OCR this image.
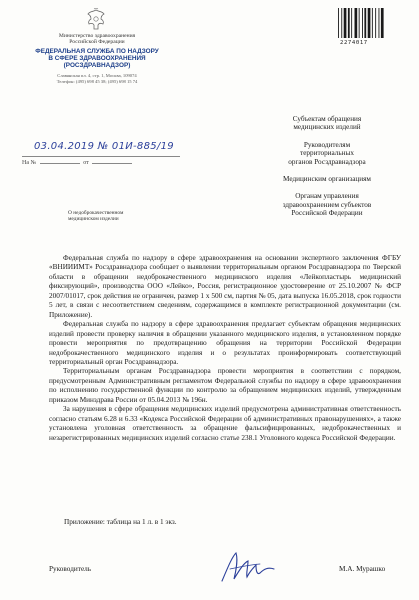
Министерство здравоохранения
Российской Федерации
ФЕДЕРАЛЬНАЯ СЛУЖБА ПО НАДЗОРУ
В СФЕРЕ ЗДРАВООХРАНЕНИЯ
(РОСЗДРАВНАДЗОР)
Славянская пл. 4, стр. 1, Москва, 109074
Телефон: (495) 698 45 38; (495) 698 15 74
03.04.2019 № 01И-885/19
На №	от
О недоброкачественном
медицинском изделии
2274017
Субъектам обращения
медицинских изделий
Руководителям
территориальных
органов Росздравнадзора
Медицинским организациям
Органам управления
здравоохранением субъектов
Российской Федерации

Федеральная служба по надзору в сфере здравоохранения на основании экспертного заключения ФГБУ «ВНИИИМТ» Росздравнадзора сообщает о выявлении территориальным органом Росздравнадзора по Тверской области в обращении недоброкачественного медицинского изделия «Лейкопластырь медицинский фиксирующий», производства ООО «Лейко», Россия, регистрационное удостоверение от 25.10.2007 № ФСР 2007/01017, срок действия не ограничен, размер 1 x 500 см, партия № 05, дата выпуска 16.05.2018, срок годности 5 лет, в связи с несоответствием сведениям, содержащимся в комплекте регистрационной документации (см. Приложение).

Федеральная служба по надзору в сфере здравоохранения предлагает субъектам обращения медицинских изделий провести проверку наличия в обращении указанного медицинского изделия, в установленном порядке провести мероприятия по предотвращению обращения на территории Российской Федерации недоброкачественного медицинского изделия и о результатах проинформировать соответствующий территориальный орган Росздравнадзора.

Территориальным органам Росздравнадзора провести мероприятия в соответствии с порядком, предусмотренным Административным регламентом Федеральной службы по надзору в сфере здравоохранения по исполнению государственной функции по контролю за обращением медицинских изделий, утвержденным приказом Минздрава России от 05.04.2013 № 196н.

За нарушения в сфере обращения медицинских изделий предусмотрена административная ответственность согласно статьям 6.28 и 6.33 «Кодекса Российской Федерации об административных правонарушениях», а также установлена уголовная ответственность за обращение фальсифицированных, недоброкачественных и незарегистрированных медицинских изделий согласно статье 238.1 Уголовного кодекса Российской Федерации.

Приложение: таблица на 1 л. в 1 экз.
Руководитель	М.А. Мурашко
